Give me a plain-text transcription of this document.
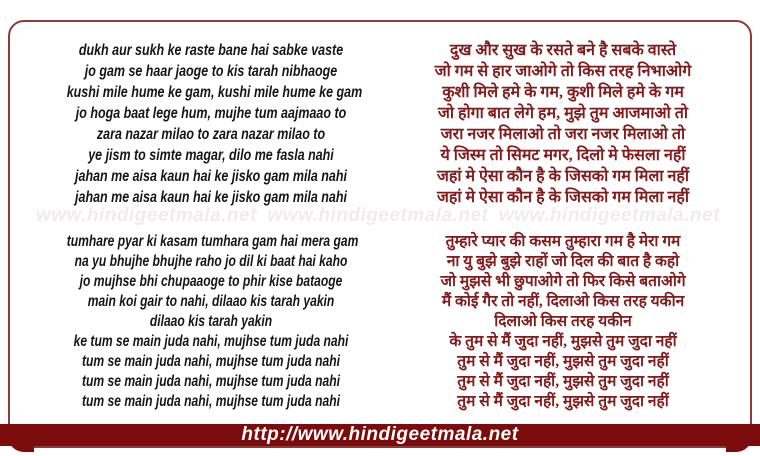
dukh aur sukh ke raste bane hai sabke vaste
jo gam se haar jaoge to kis tarah nibhaoge
kushi mile hume ke gam, kushi mile hume ke gam
jo hoga baat lege hum, mujhe tum aajmaao to
zara nazar milao to zara nazar milao to
ye jism to simte magar, dilo me fasla nahi
jahan me aisa kaun hai ke jisko gam mila nahi
jahan me aisa kaun hai ke jisko gam mila nahi
दुख और सुख के रसते बने है सबके वास्ते
जो गम से हार जाओगे तो किस तरह निभाओगे
कुशी मिले हमे के गम, कुशी मिले हमे के गम
जो होगा बात लेगे हम, मुझे तुम आजमाओ तो
जरा नजर मिलाओ तो जरा नजर मिलाओ तो
ये जिस्म तो सिमट मगर, दिलो मे फेसला नहीं
जहां मे ऐसा कौन है के जिसको गम मिला नहीं
जहां मे ऐसा कौन है के जिसको गम मिला नहीं
www.hindigeetmala.net www.hindigeetmala.net www.hindigeetmala.net
tumhare pyar ki kasam tumhara gam hai mera gam
na yu bhujhe bhujhe raho jo dil ki baat hai kaho
jo mujhse bhi chupaaoge to phir kise bataoge
main koi gair to nahi, dilaao kis tarah yakin
dilaao kis tarah yakin
ke tum se main juda nahi, mujhse tum juda nahi
tum se main juda nahi, mujhse tum juda nahi
tum se main juda nahi, mujhse tum juda nahi
tum se main juda nahi, mujhse tum juda nahi
तुम्हारे प्यार की कसम तुम्हारा गम है मेरा गम
ना यु बुझे बुझे राहों जो दिल की बात है कहो
जो मुझसे भी छुपाओगे तो फिर किसे बताओगे
मैं कोई गैर तो नहीं, दिलाओ किस तरह यकीन
दिलाओ किस तरह यकीन
के तुम से मैं जुदा नहीं, मुझसे तुम जुदा नहीं
तुम से मैं जुदा नहीं, मुझसे तुम जुदा नहीं
तुम से मैं जुदा नहीं, मुझसे तुम जुदा नहीं
तुम से मैं जुदा नहीं, मुझसे तुम जुदा नहीं
http://www.hindigeetmala.net
